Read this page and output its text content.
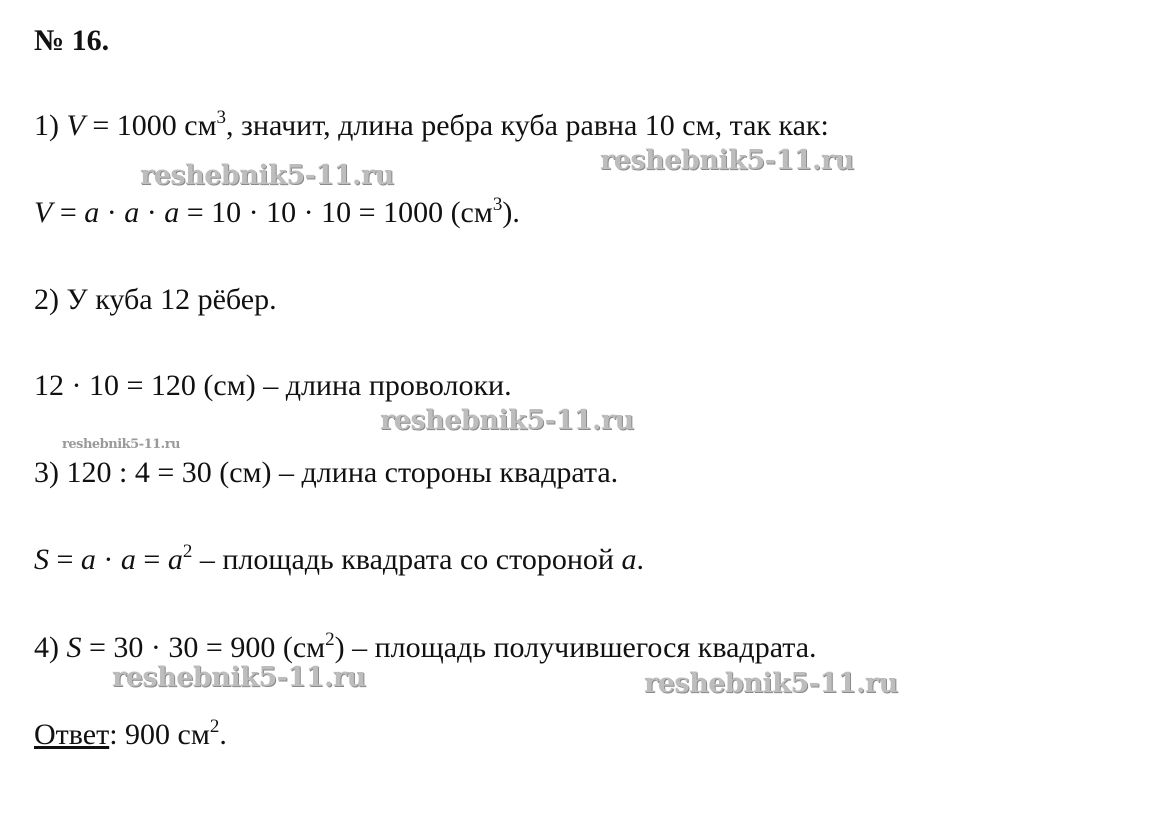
№ 16.
1) V = 1000 $см^3$, значит, длина ребра куба равна 10 см, так как:
V = a · a · a = 10 · 10 · 10 = 1000 $(см^3)$.
2) У куба 12 рёбер.
12 · 10 = 120 (см) – длина проволоки.
3) 120 : 4 = 30 (см) – длина стороны квадрата.
$S = a \cdot a = a^2$ – площадь квадрата со стороной a.
4) S = 30 · 30 = 900 $(см^2)$ – площадь получившегося квадрата.
Ответ: 900 $см^2$.
reshebnik5-11.ru	reshebnik5-11.ru
reshebnik5-11.ru
reshebnik5-11.ru
reshebnik5-11.ru	reshebnik5-11.ru
